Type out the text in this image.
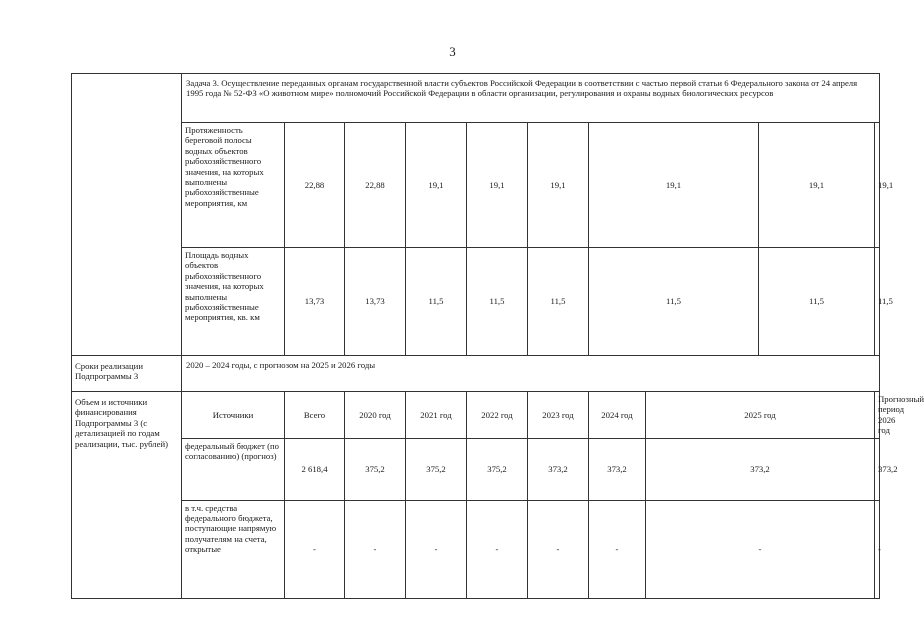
3
	Задача 3. Осуществление переданных органам государственной власти субъектов Российской Федерации в соответствии с частью первой статьи 6 Федерального закона от 24 апреля 1995 года № 52-ФЗ «О животном мире» полномочий Российской Федерации в области организации, регулирования и охраны водных биологических ресурсов									
	Протяженность береговой полосы водных объектов рыбохозяйственного значения, на которых выполнены рыбохозяйственные мероприятия, км	22,88	22,88	19,1	19,1	19,1	19,1		19,1	19,1
	Площадь водных объектов рыбохозяйственного значения, на которых выполнены рыбохозяйственные мероприятия, кв. км	13,73	13,73	11,5	11,5	11,5	11,5		11,5	11,5
Сроки реализации Подпрограммы 3	2020 – 2024 годы, с прогнозом на 2025 и 2026 годы									
Объем и источники финансирования Подпрограммы 3 (с детализацией по годам реализации, тыс. рублей)	Источники	Всего	2020 год	2021 год	2022 год	2023 год	2024 год	2025 год		Прогнозный период 2026 год
	федеральный бюджет (по согласованию) (прогноз)	2 618,4	375,2	375,2	375,2	373,2	373,2	373,2		373,2
	в т.ч. средства федерального бюджета, поступающие напрямую получателям на счета, открытые	-	-	-	-	-	-	-		-
